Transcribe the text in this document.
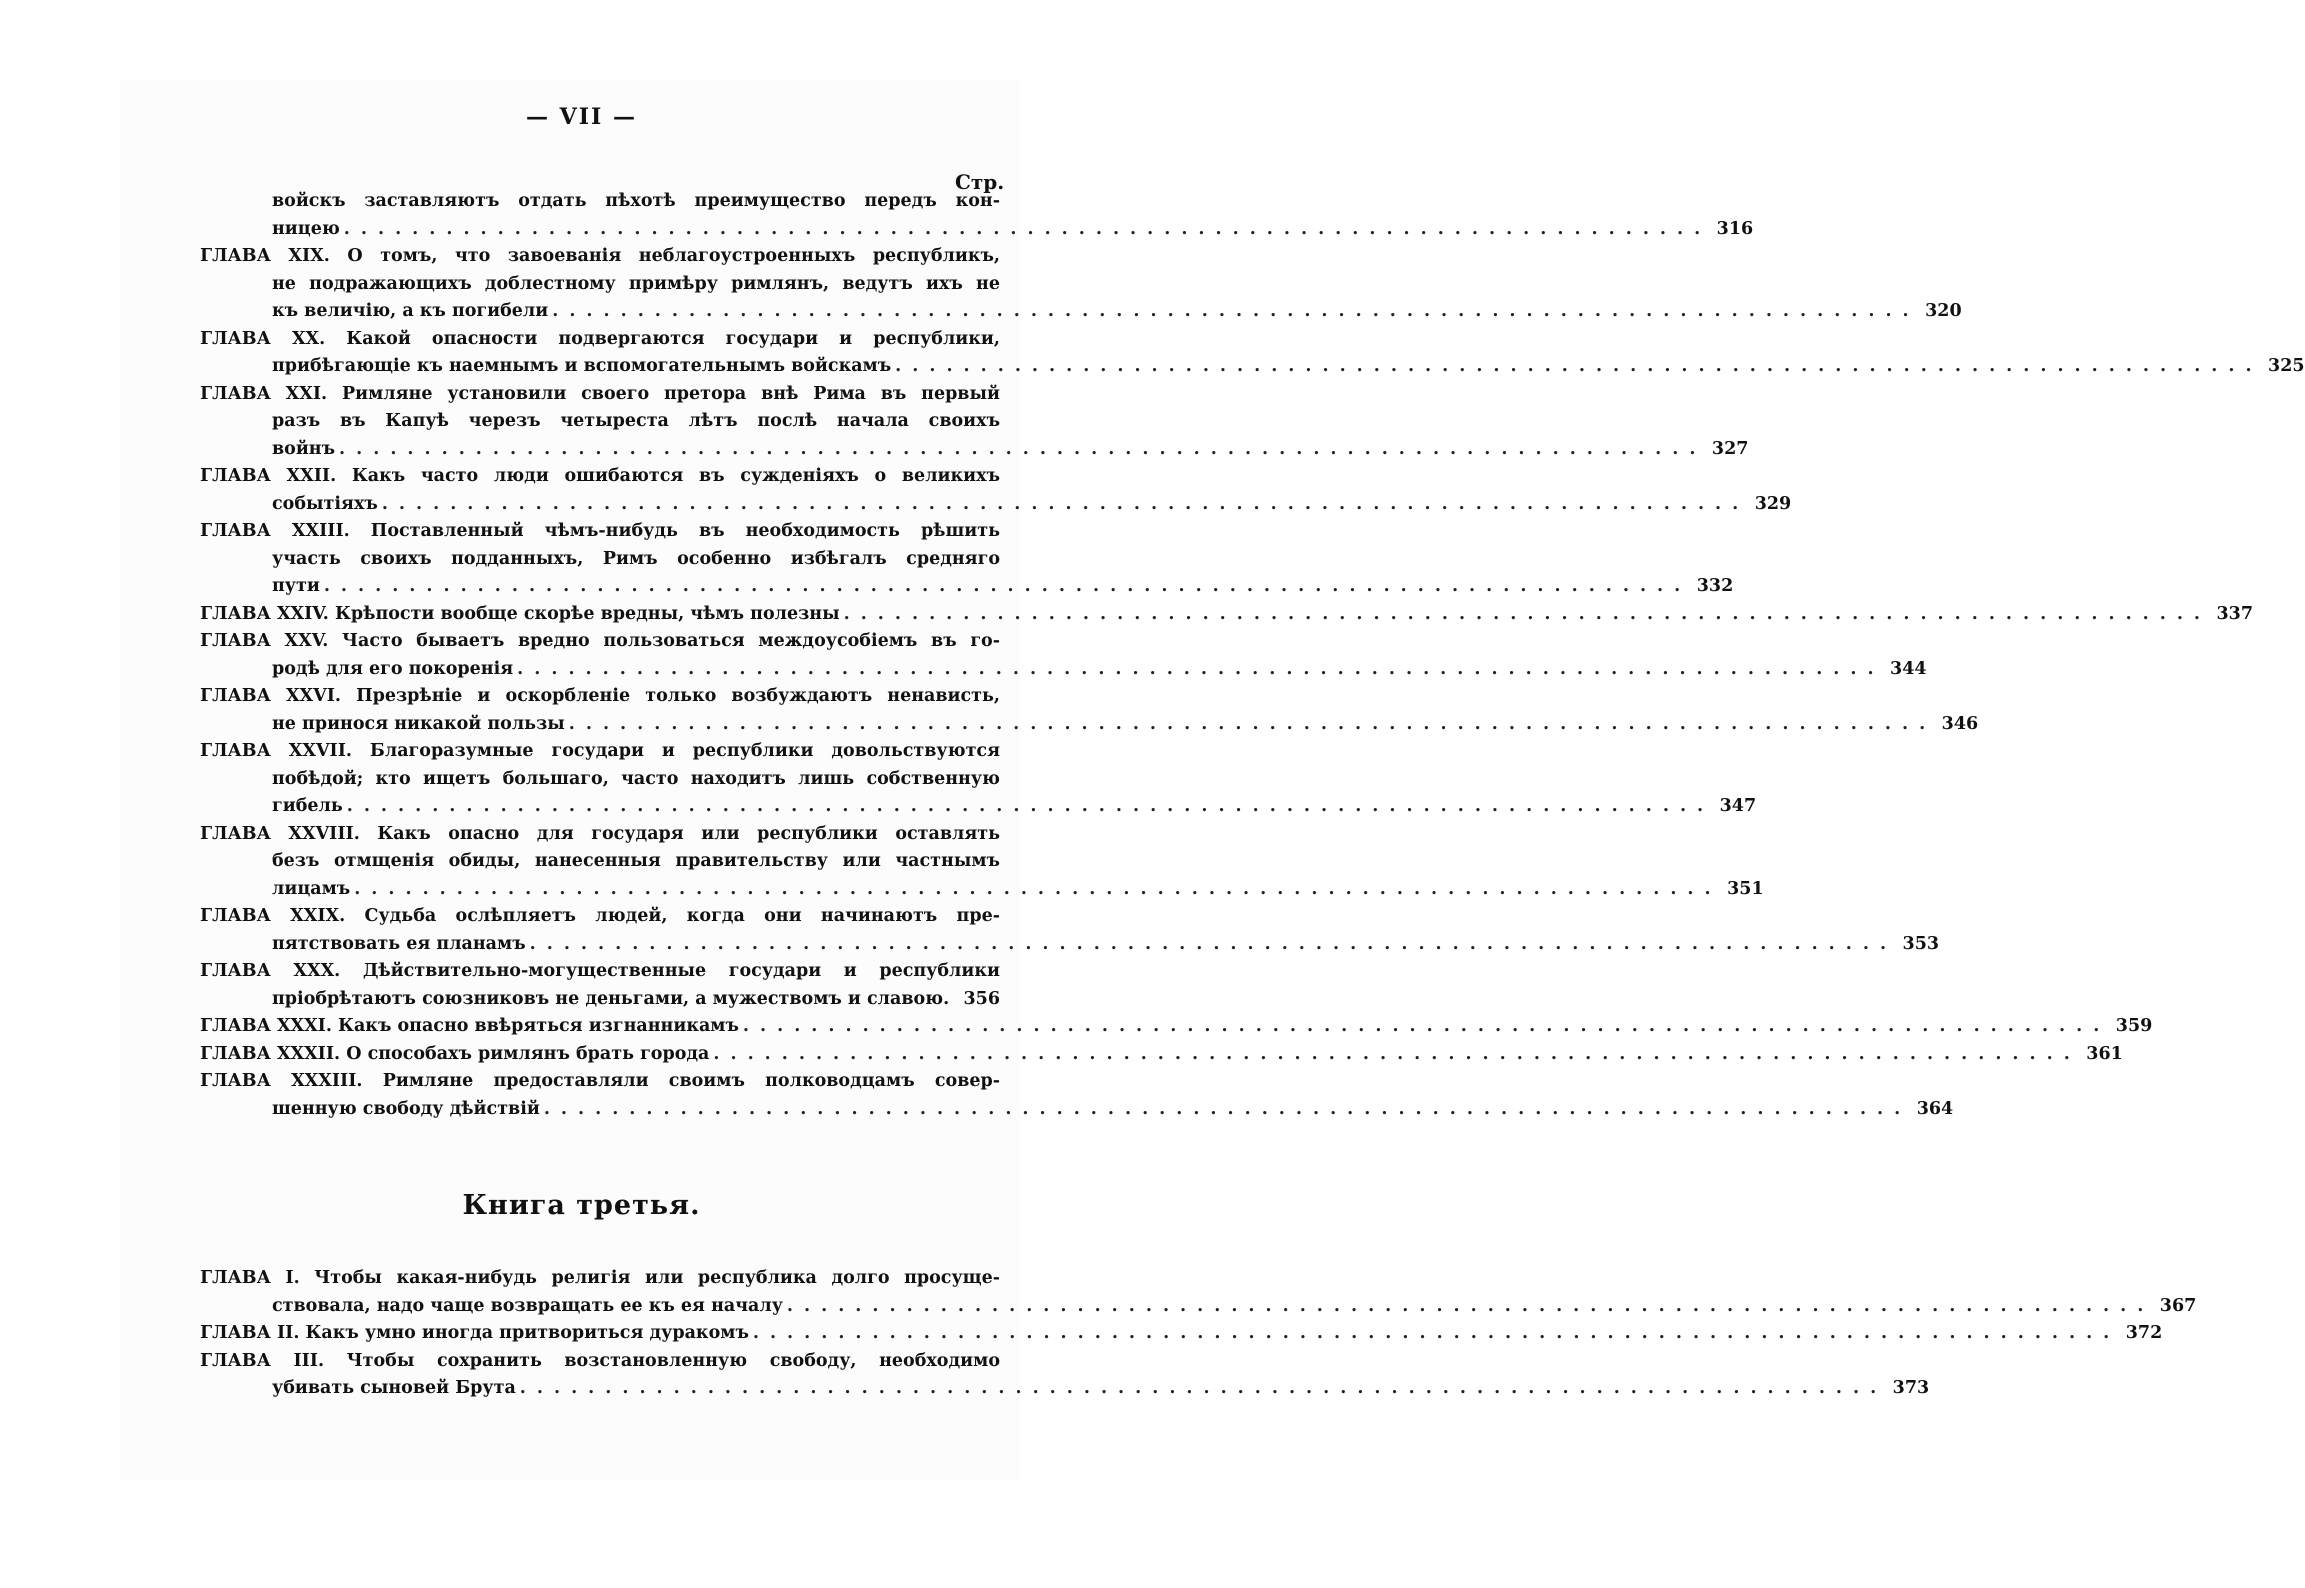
— VII —
Стр.
войскъ заставляютъ отдать пѣхотѣ преимущество передъ кон-
ницею ................................................................................ 316
ГЛАВА XIX. О томъ, что завоеванія неблагоустроенныхъ республикъ,
не подражающихъ доблестному примѣру римлянъ, ведутъ ихъ не
къ величію, а къ погибели ................................................................................ 320
ГЛАВА XX. Какой опасности подвергаются государи и республики,
прибѣгающіе къ наемнымъ и вспомогательнымъ войскамъ ................................................................................ 325
ГЛАВА XXI. Римляне установили своего претора внѣ Рима въ первый
разъ въ Капуѣ черезъ четыреста лѣтъ послѣ начала своихъ
войнъ ................................................................................ 327
ГЛАВА XXII. Какъ часто люди ошибаются въ сужденіяхъ о великихъ
событіяхъ ................................................................................ 329
ГЛАВА XXIII. Поставленный чѣмъ-нибудь въ необходимость рѣшить
участь своихъ подданныхъ, Римъ особенно избѣгалъ средняго
пути ................................................................................ 332
ГЛАВА XXIV. Крѣпости вообще скорѣе вредны, чѣмъ полезны ................................................................................ 337
ГЛАВА XXV. Часто бываетъ вредно пользоваться междоусобіемъ въ го-
родѣ для его покоренія ................................................................................ 344
ГЛАВА XXVI. Презрѣніе и оскорбленіе только возбуждаютъ ненависть,
не принося никакой пользы ................................................................................ 346
ГЛАВА XXVII. Благоразумные государи и республики довольствуются
побѣдой; кто ищетъ большаго, часто находитъ лишь собственную
гибель ................................................................................ 347
ГЛАВА XXVIII. Какъ опасно для государя или республики оставлять
безъ отмщенія обиды, нанесенныя правительству или частнымъ
лицамъ ................................................................................ 351
ГЛАВА XXIX. Судьба ослѣпляетъ людей, когда они начинаютъ пре-
пятствовать ея планамъ ................................................................................ 353
ГЛАВА XXX. Дѣйствительно-могущественные государи и республики
пріобрѣтаютъ союзниковъ не деньгами, а мужествомъ и славою. 356
ГЛАВА XXXI. Какъ опасно ввѣряться изгнанникамъ ................................................................................ 359
ГЛАВА XXXII. О способахъ римлянъ брать города ................................................................................ 361
ГЛАВА XXXIII. Римляне предоставляли своимъ полководцамъ совер-
шенную свободу дѣйствій ................................................................................ 364
Книга третья.
ГЛАВА I. Чтобы какая-нибудь религія или республика долго просуще-
ствовала, надо чаще возвращать ее къ ея началу ................................................................................ 367
ГЛАВА II. Какъ умно иногда притвориться дуракомъ ................................................................................ 372
ГЛАВА III. Чтобы сохранить возстановленную свободу, необходимо
убивать сыновей Брута ................................................................................ 373
